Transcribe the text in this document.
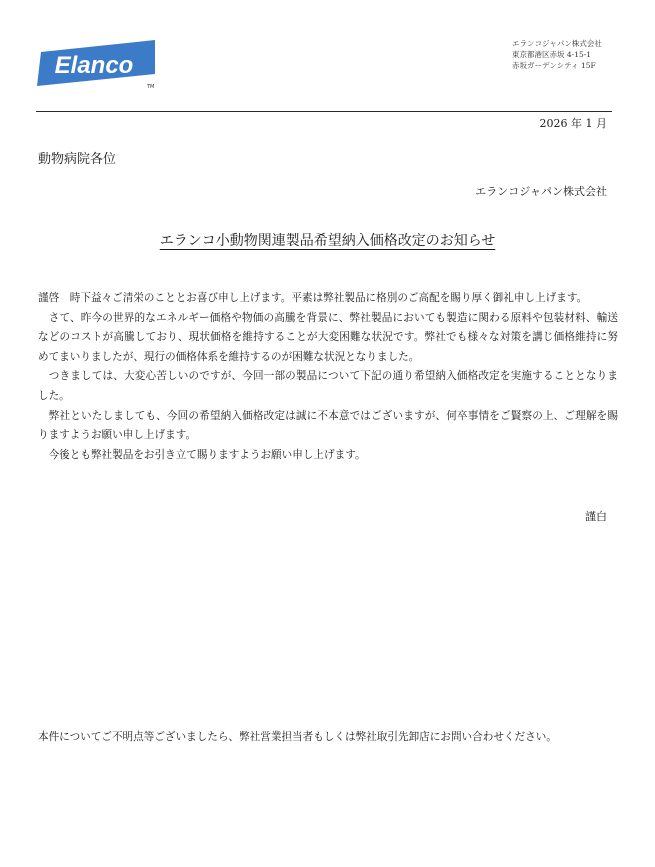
Elanco
TM
エランコジャパン株式会社
東京都港区赤坂 4-15-1
赤坂ガーデンシティ 15F
2026 年 1 月
動物病院各位
エランコジャパン株式会社
エランコ小動物関連製品希望納入価格改定のお知らせ

謹啓　時下益々ご清栄のこととお喜び申し上げます。平素は弊社製品に格別のご高配を賜り厚く御礼申し上げます。

　さて、昨今の世界的なエネルギー価格や物価の高騰を背景に、弊社製品においても製造に関わる原料や包装材料、輸送などのコストが高騰しており、現状価格を維持することが大変困難な状況です。弊社でも様々な対策を講じ価格維持に努めてまいりましたが、現行の価格体系を維持するのが困難な状況となりました。

　つきましては、大変心苦しいのですが、今回一部の製品について下記の通り希望納入価格改定を実施することとなりました。

　弊社といたしましても、今回の希望納入価格改定は誠に不本意ではございますが、何卒事情をご賢察の上、ご理解を賜りますようお願い申し上げます。

　今後とも弊社製品をお引き立て賜りますようお願い申し上げます。

謹白
本件についてご不明点等ございましたら、弊社営業担当者もしくは弊社取引先卸店にお問い合わせください。
